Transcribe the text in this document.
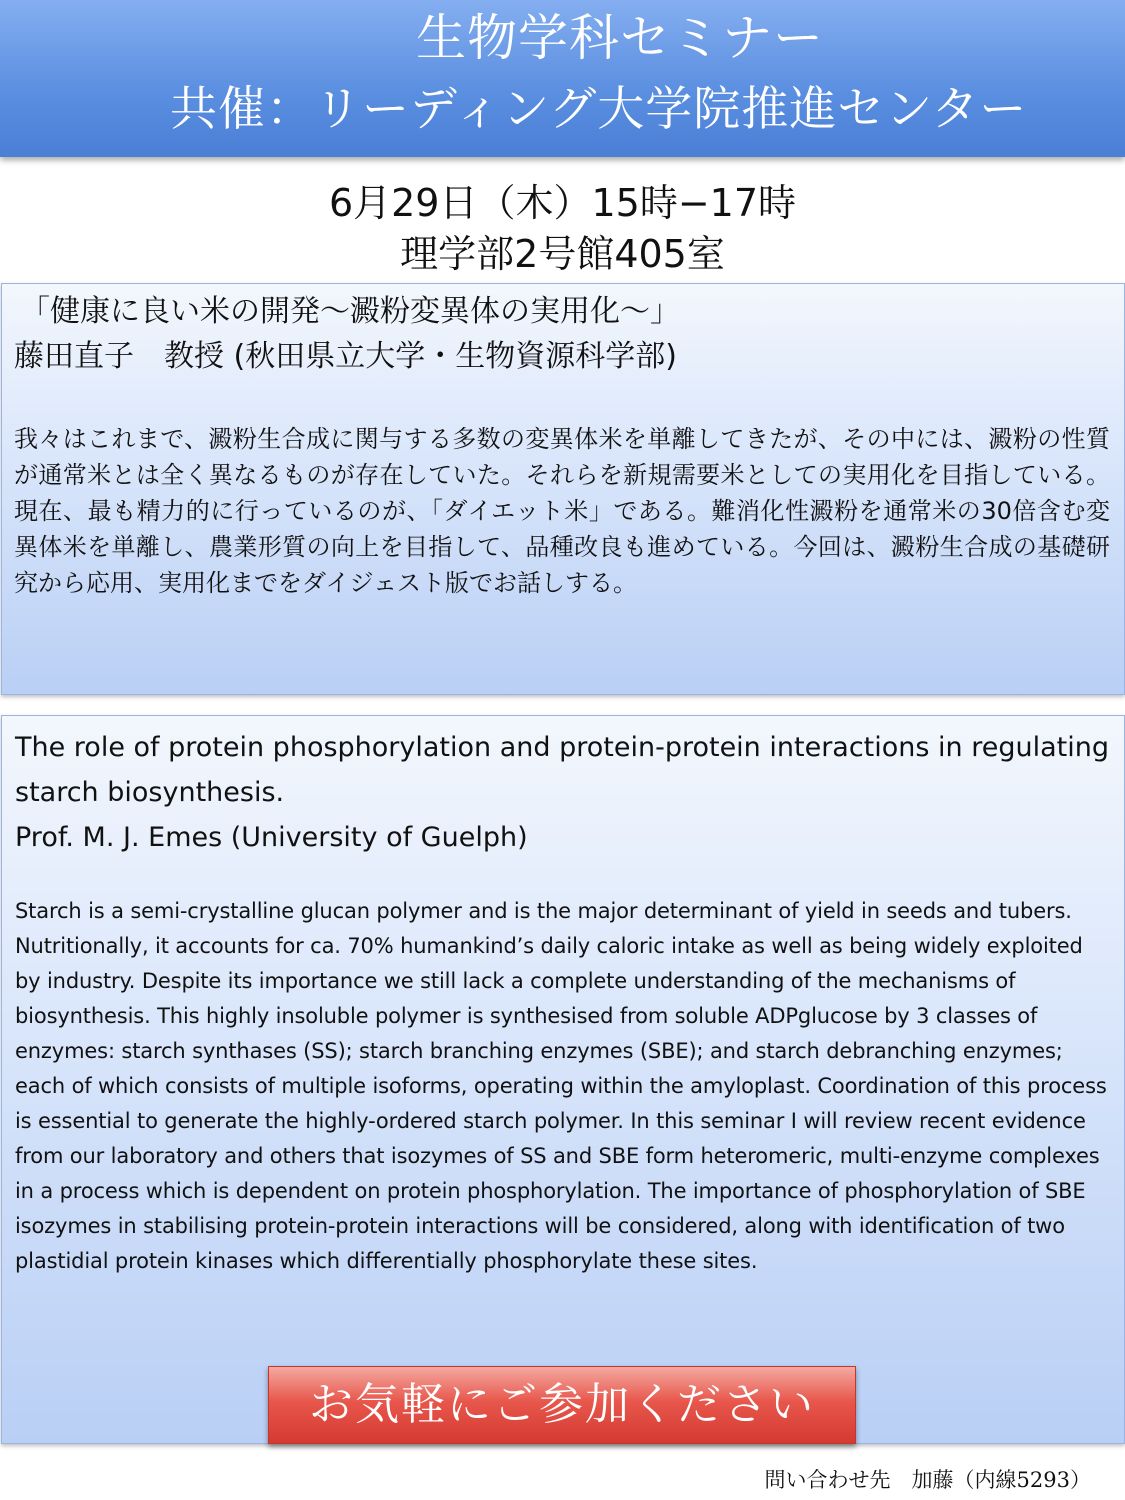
生物学科セミナー
共催：リーディング大学院推進センター
6月29日（木）15時−17時
理学部2号館405室
「健康に良い米の開発～澱粉変異体の実用化～」
藤田直子　教授 (秋田県立大学・生物資源科学部)
我々はこれまで、澱粉生合成に関与する多数の変異体米を単離してきたが、その中には、澱粉の性質が通常米とは全く異なるものが存在していた。それらを新規需要米としての実用化を目指している。現在、最も精力的に行っているのが、「ダイエット米」である。難消化性澱粉を通常米の30倍含む変異体米を単離し、農業形質の向上を目指して、品種改良も進めている。今回は、澱粉生合成の基礎研究から応用、実用化までをダイジェスト版でお話しする。
The role of protein phosphorylation and protein-protein interactions in regulating starch biosynthesis.
Prof. M. J. Emes (University of Guelph)
Starch is a semi-crystalline glucan polymer and is the major determinant of yield in seeds and tubers. Nutritionally, it accounts for ca. 70% humankind’s daily caloric intake as well as being widely exploited by industry. Despite its importance we still lack a complete understanding of the mechanisms of biosynthesis. This highly insoluble polymer is synthesised from soluble ADPglucose by 3 classes of enzymes: starch synthases (SS); starch branching enzymes (SBE); and starch debranching enzymes; each of which consists of multiple isoforms, operating within the amyloplast. Coordination of this process is essential to generate the highly-ordered starch polymer. In this seminar I will review recent evidence from our laboratory and others that isozymes of SS and SBE form heteromeric, multi-enzyme complexes in a process which is dependent on protein phosphorylation. The importance of phosphorylation of SBE isozymes in stabilising protein-protein interactions will be considered, along with identification of two plastidial protein kinases which differentially phosphorylate these sites.
お気軽にご参加ください
問い合わせ先　加藤（内線5293）
